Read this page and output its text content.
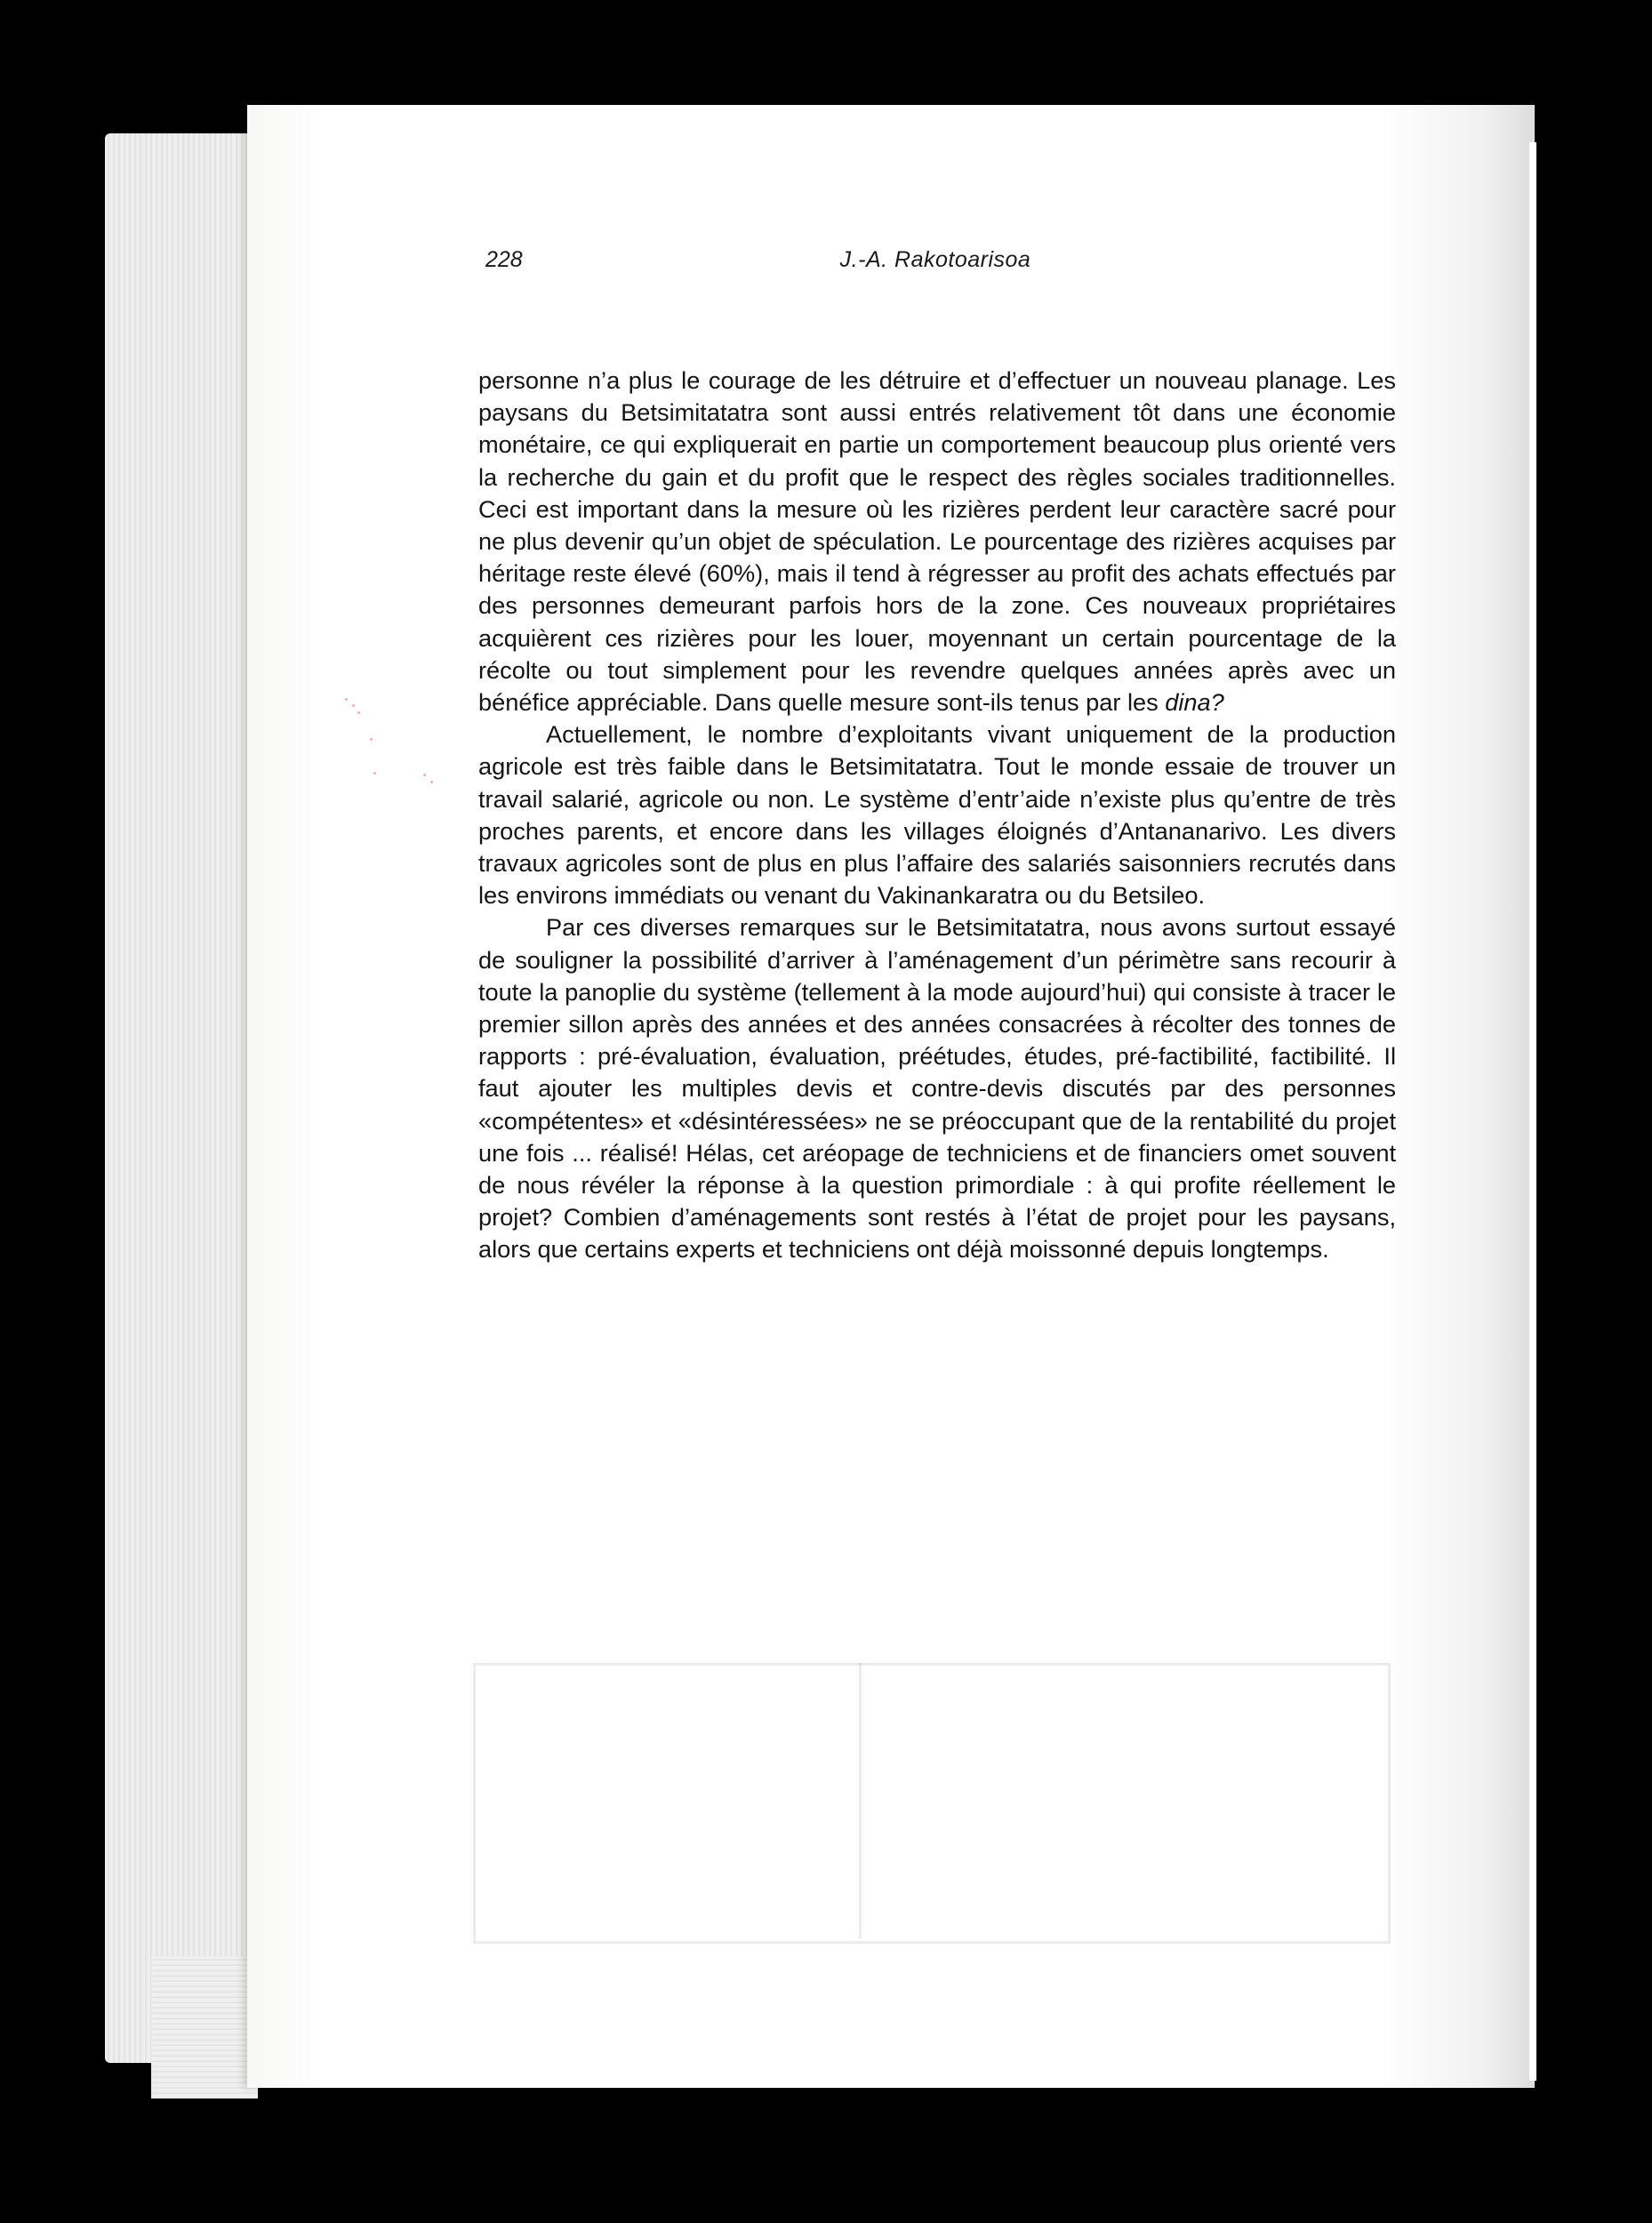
228	J.-A. Rakotoarisoa

personne n’a plus le courage de les détruire et d’effectuer un nouveau planage. Les paysans du Betsimitatatra sont aussi entrés relativement tôt dans une économie monétaire, ce qui expliquerait en partie un comportement beaucoup plus orienté vers la recherche du gain et du profit que le respect des règles sociales traditionnelles. Ceci est important dans la mesure où les rizières perdent leur caractère sacré pour ne plus devenir qu’un objet de spéculation. Le pourcentage des rizières acquises par héritage reste élevé (60%), mais il tend à régresser au profit des achats effectués par des personnes demeurant parfois hors de la zone. Ces nouveaux propriétaires acquièrent ces rizières pour les louer, moyennant un certain pourcentage de la récolte ou tout simplement pour les revendre quelques années après avec un bénéfice appréciable. Dans quelle mesure sont-ils tenus par les dina?

Actuellement, le nombre d’exploitants vivant uniquement de la production agricole est très faible dans le Betsimitatatra. Tout le monde essaie de trouver un travail salarié, agricole ou non. Le système d’entr’aide n’existe plus qu’entre de très proches parents, et encore dans les villages éloignés d’Antananarivo. Les divers travaux agricoles sont de plus en plus l’affaire des salariés saisonniers recrutés dans les environs immédiats ou venant du Vakinankaratra ou du Betsileo.

Par ces diverses remarques sur le Betsimitatatra, nous avons surtout essayé de souligner la possibilité d’arriver à l’aménagement d’un périmètre sans recourir à toute la panoplie du système (tellement à la mode aujourd’hui) qui consiste à tracer le premier sillon après des années et des années consacrées à récolter des tonnes de rapports : pré-évaluation, évaluation, préétudes, études, pré-factibilité, factibilité. Il faut ajouter les multiples devis et contre-devis discutés par des personnes «compétentes» et «désintéressées» ne se préoccupant que de la rentabilité du projet une fois ... réalisé! Hélas, cet aréopage de techniciens et de financiers omet souvent de nous révéler la réponse à la question primordiale : à qui profite réellement le projet? Combien d’aménagements sont restés à l’état de projet pour les paysans, alors que certains experts et techniciens ont déjà moissonné depuis longtemps.
